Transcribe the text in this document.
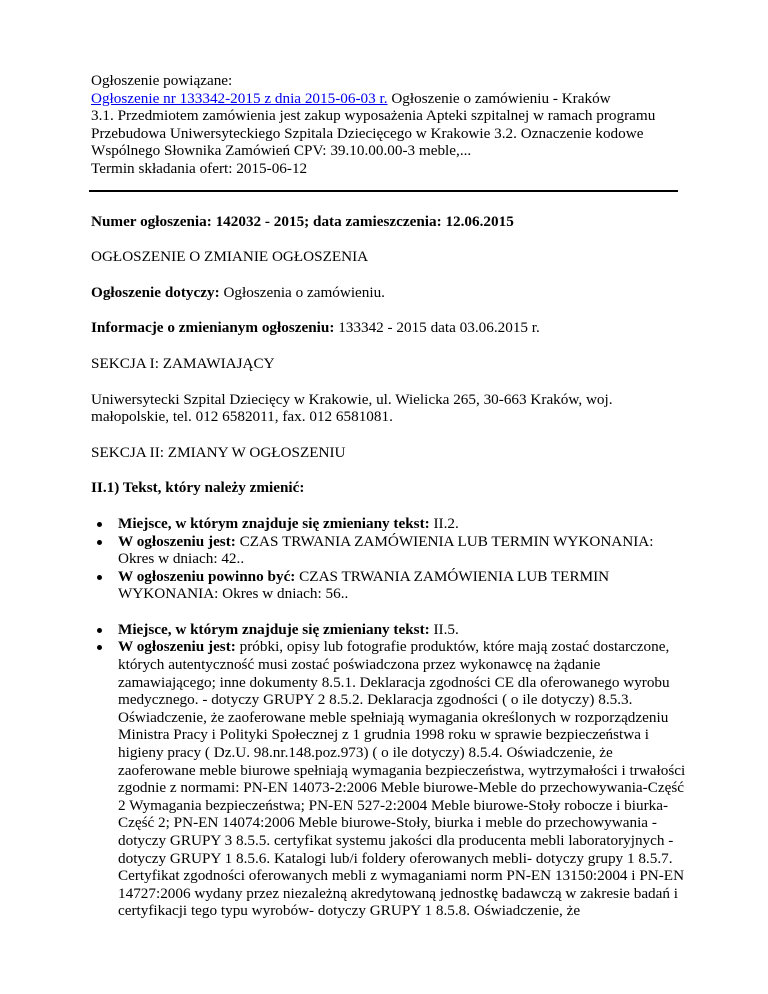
Ogłoszenie powiązane:

Ogłoszenie nr 133342-2015 z dnia 2015-06-03 r. Ogłoszenie o zamówieniu - Kraków

3.1. Przedmiotem zamówienia jest zakup wyposażenia Apteki szpitalnej w ramach programu Przebudowa Uniwersyteckiego Szpitala Dziecięcego w Krakowie 3.2. Oznaczenie kodowe Wspólnego Słownika Zamówień CPV: 39.10.00.00-3 meble,...

Termin składania ofert: 2015-06-12

Numer ogłoszenia: 142032 - 2015; data zamieszczenia: 12.06.2015

OGŁOSZENIE O ZMIANIE OGŁOSZENIA

Ogłoszenie dotyczy: Ogłoszenia o zamówieniu.

Informacje o zmienianym ogłoszeniu: 133342 - 2015 data 03.06.2015 r.

SEKCJA I: ZAMAWIAJĄCY

Uniwersytecki Szpital Dziecięcy w Krakowie, ul. Wielicka 265, 30-663 Kraków, woj. małopolskie, tel. 012 6582011, fax. 012 6581081.

SEKCJA II: ZMIANY W OGŁOSZENIU

II.1) Tekst, który należy zmienić:

Miejsce, w którym znajduje się zmieniany tekst: II.2.
W ogłoszeniu jest: CZAS TRWANIA ZAMÓWIENIA LUB TERMIN WYKONANIA: Okres w dniach: 42..
W ogłoszeniu powinno być: CZAS TRWANIA ZAMÓWIENIA LUB TERMIN WYKONANIA: Okres w dniach: 56..
Miejsce, w którym znajduje się zmieniany tekst: II.5.
W ogłoszeniu jest: próbki, opisy lub fotografie produktów, które mają zostać dostarczone, których autentyczność musi zostać poświadczona przez wykonawcę na żądanie zamawiającego; inne dokumenty 8.5.1. Deklaracja zgodności CE dla oferowanego wyrobu medycznego. - dotyczy GRUPY 2 8.5.2. Deklaracja zgodności ( o ile dotyczy) 8.5.3. Oświadczenie, że zaoferowane meble spełniają wymagania określonych w rozporządzeniu Ministra Pracy i Polityki Społecznej z 1 grudnia 1998 roku w sprawie bezpieczeństwa i higieny pracy ( Dz.U. 98.nr.148.poz.973) ( o ile dotyczy) 8.5.4. Oświadczenie, że zaoferowane meble biurowe spełniają wymagania bezpieczeństwa, wytrzymałości i trwałości zgodnie z normami: PN-EN 14073-2:2006 Meble biurowe-Meble do przechowywania-Część 2 Wymagania bezpieczeństwa; PN-EN 527-2:2004 Meble biurowe-Stoły robocze i biurka-Część 2; PN-EN 14074:2006 Meble biurowe-Stoły, biurka i meble do przechowywania -dotyczy GRUPY 3 8.5.5. certyfikat systemu jakości dla producenta mebli laboratoryjnych -dotyczy GRUPY 1 8.5.6. Katalogi lub/i foldery oferowanych mebli- dotyczy grupy 1 8.5.7. Certyfikat zgodności oferowanych mebli z wymaganiami norm PN-EN 13150:2004 i PN-EN 14727:2006 wydany przez niezależną akredytowaną jednostkę badawczą w zakresie badań i certyfikacji tego typu wyrobów- dotyczy GRUPY 1 8.5.8. Oświadczenie, że
